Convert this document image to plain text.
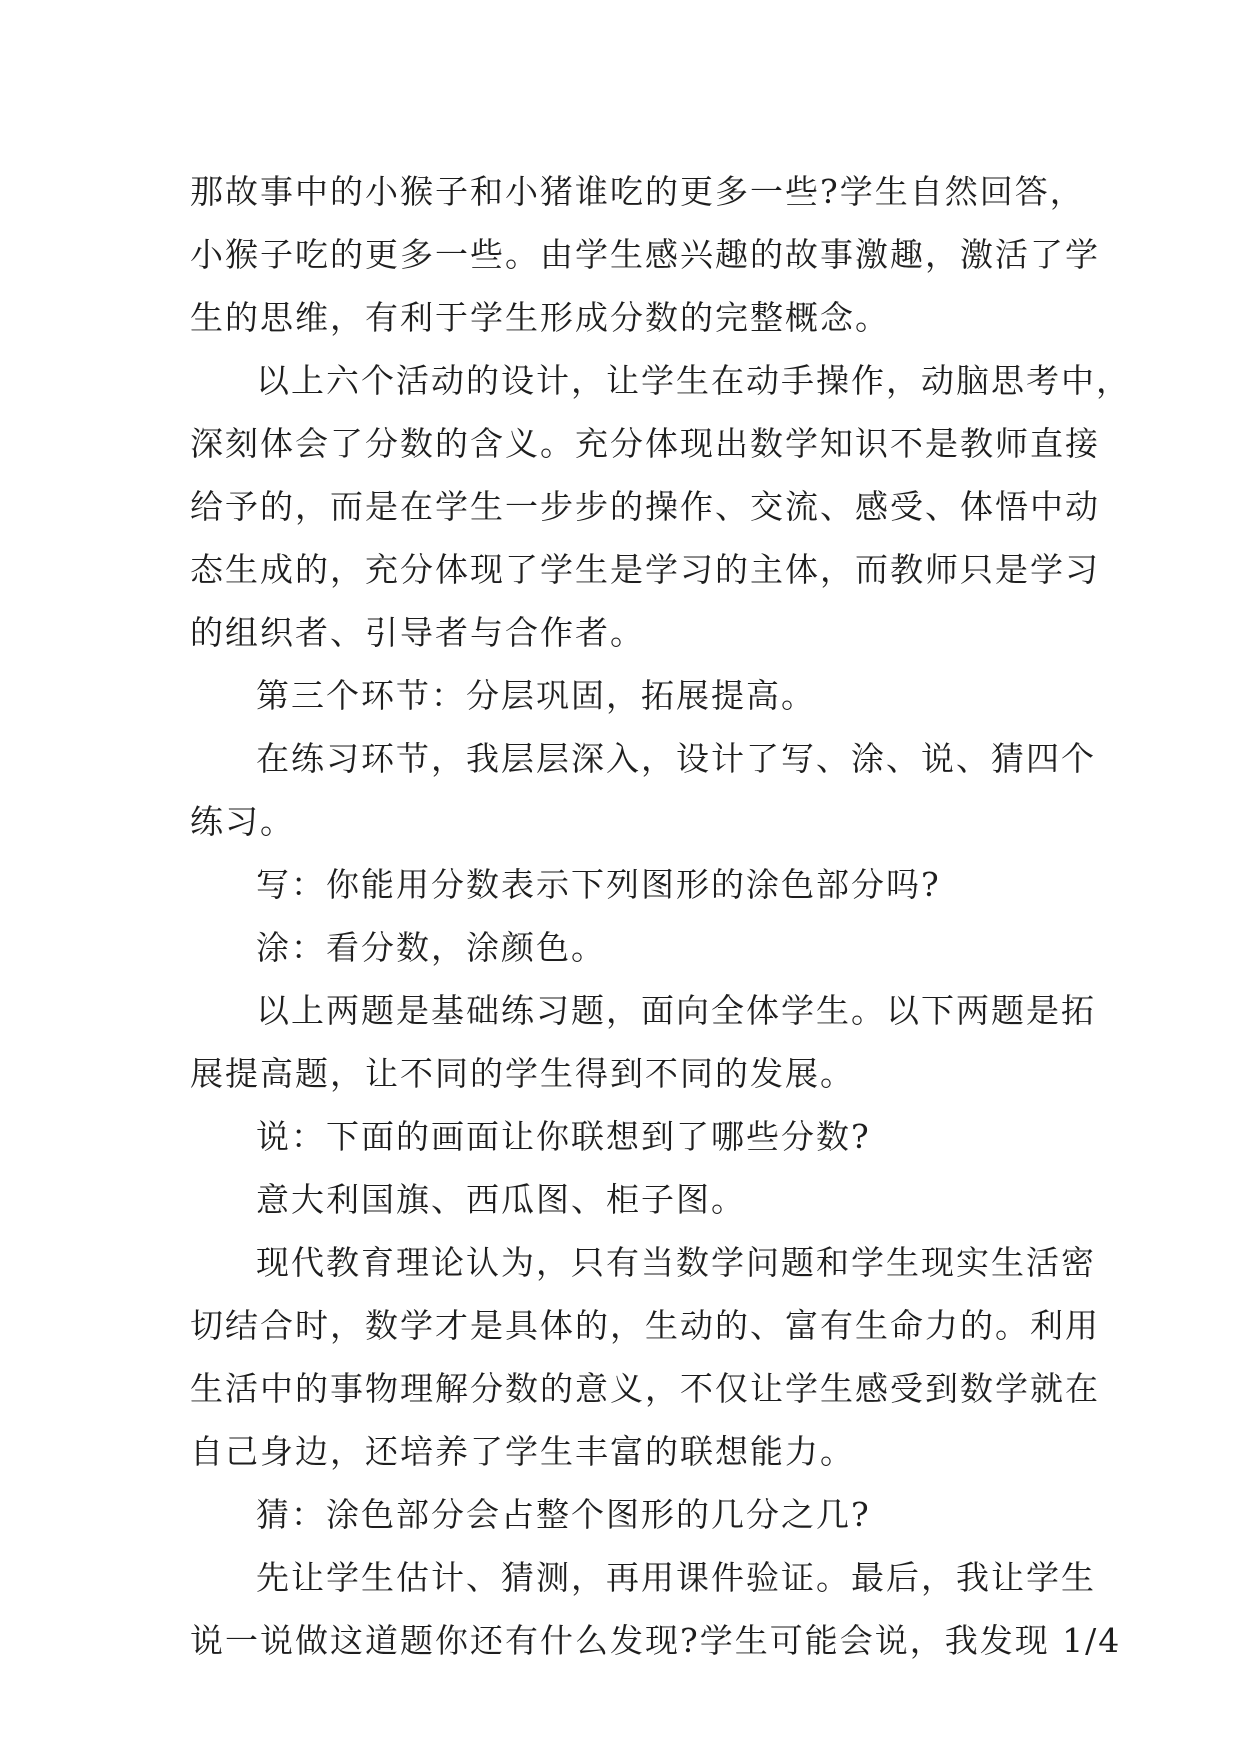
那故事中的小猴子和小猪谁吃的更多一些?学生自然回答，
小猴子吃的更多一些。由学生感兴趣的故事激趣，激活了学
生的思维，有利于学生形成分数的完整概念。
以上六个活动的设计，让学生在动手操作，动脑思考中，
深刻体会了分数的含义。充分体现出数学知识不是教师直接
给予的，而是在学生一步步的操作、交流、感受、体悟中动
态生成的，充分体现了学生是学习的主体，而教师只是学习
的组织者、引导者与合作者。
第三个环节：分层巩固，拓展提高。
在练习环节，我层层深入，设计了写、涂、说、猜四个
练习。
写：你能用分数表示下列图形的涂色部分吗?
涂：看分数，涂颜色。
以上两题是基础练习题，面向全体学生。以下两题是拓
展提高题，让不同的学生得到不同的发展。
说：下面的画面让你联想到了哪些分数?
意大利国旗、西瓜图、柜子图。
现代教育理论认为，只有当数学问题和学生现实生活密
切结合时，数学才是具体的，生动的、富有生命力的。利用
生活中的事物理解分数的意义，不仅让学生感受到数学就在
自己身边，还培养了学生丰富的联想能力。
猜：涂色部分会占整个图形的几分之几?
先让学生估计、猜测，再用课件验证。最后，我让学生
说一说做这道题你还有什么发现?学生可能会说，我发现 1/4
